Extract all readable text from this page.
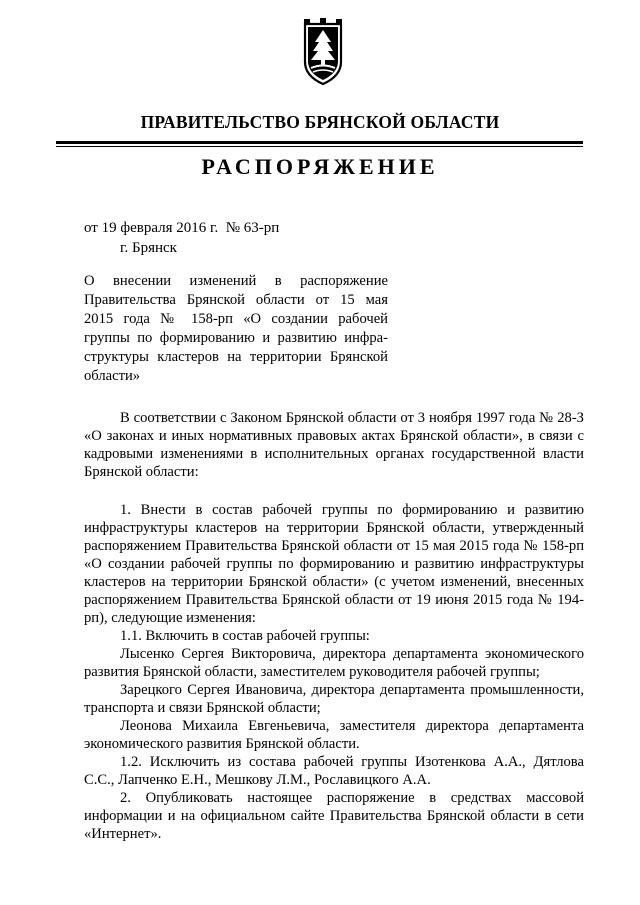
ПРАВИТЕЛЬСТВО БРЯНСКОЙ ОБЛАСТИ
РАСПОРЯЖЕНИЕ
от 19 февраля 2016 г.  № 63-рп
г. Брянск
О внесении изменений в распоряжение
Правительства Брянской области от 15 мая
2015 года № 158-рп «О создании рабочей
группы по формированию и развитию инфра-
структуры кластеров на территории Брянской
области»

В соответствии с Законом Брянской области от 3 ноября 1997 года № 28-З «О законах и иных нормативных правовых актах Брянской области», в связи с кадровыми изменениями в исполнительных органах государственной власти Брянской области:

1. Внести в состав рабочей группы по формированию и развитию инфраструктуры кластеров на территории Брянской области, утвержденный распоряжением Правительства Брянской области от 15 мая 2015 года № 158-рп «О создании рабочей группы по формированию и развитию инфраструктуры кластеров на территории Брянской области» (с учетом изменений, внесенных распоряжением Правительства Брянской области от 19 июня 2015 года № 194-рп), следующие изменения:

1.1. Включить в состав рабочей группы:

Лысенко Сергея Викторовича, директора департамента экономического развития Брянской области, заместителем руководителя рабочей группы;

Зарецкого Сергея Ивановича, директора департамента промышленности, транспорта и связи Брянской области;

Леонова Михаила Евгеньевича, заместителя директора департамента экономического развития Брянской области.

1.2. Исключить из состава рабочей группы Изотенкова А.А., Дятлова С.С., Лапченко Е.Н., Мешкову Л.М., Рославицкого А.А.

2. Опубликовать настоящее распоряжение в средствах массовой информации и на официальном сайте Правительства Брянской области в сети «Интернет».
